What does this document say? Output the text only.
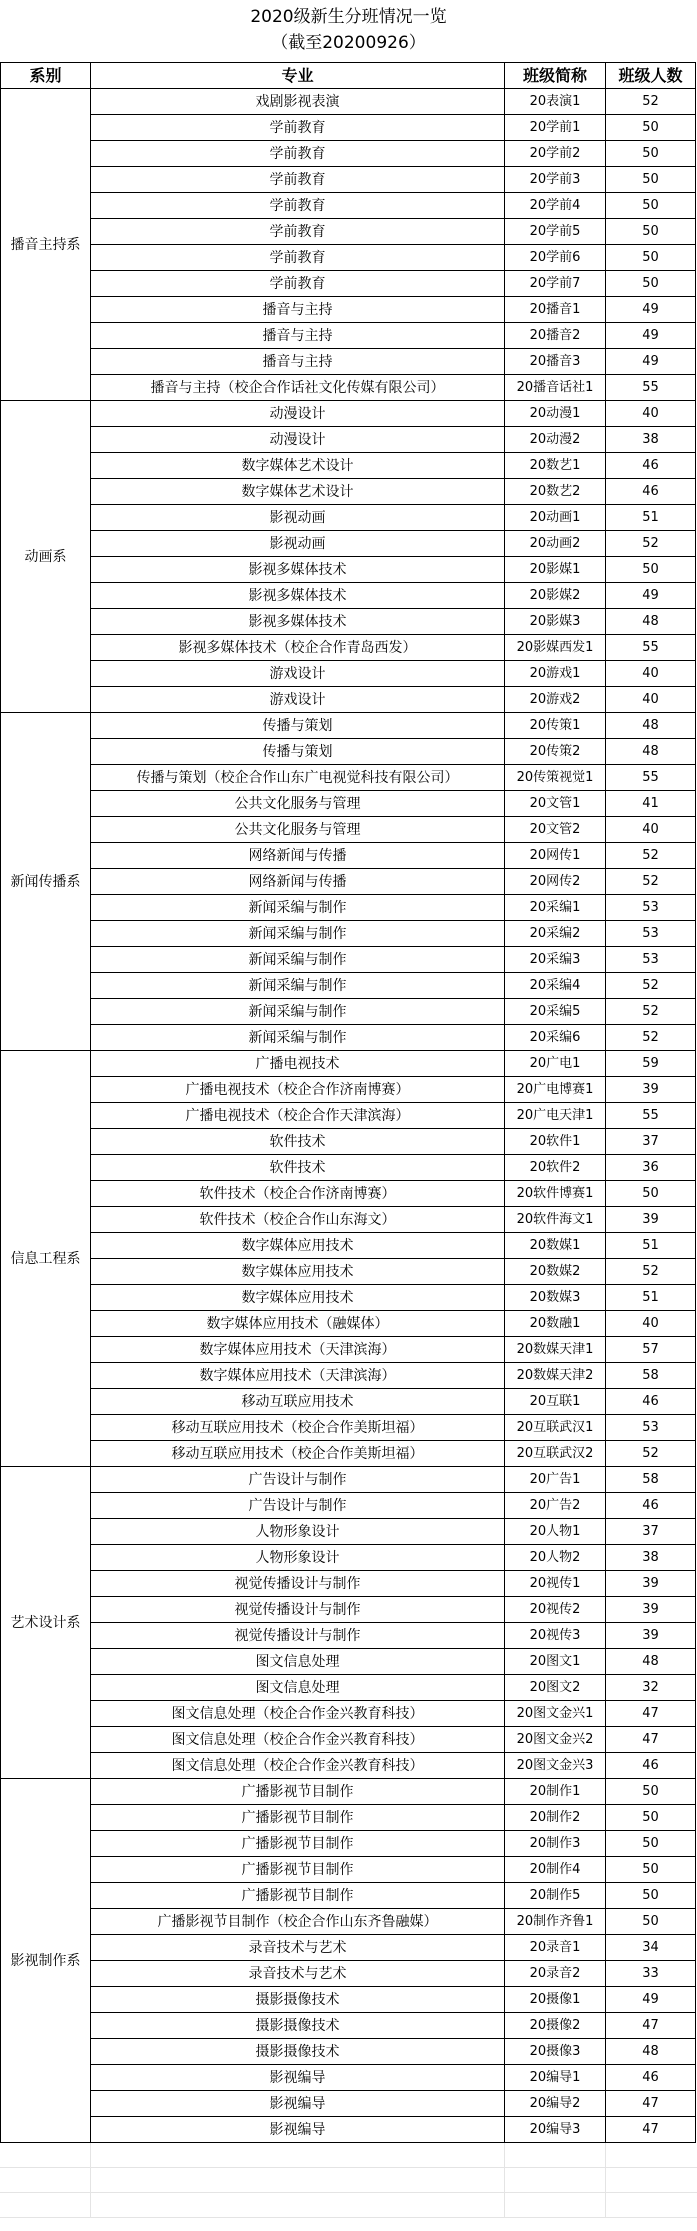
2020级新生分班情况一览
（截至20200926）
系别	专业	班级简称	班级人数
播音主持系	戏剧影视表演	20表演1	52
	学前教育	20学前1	50
	学前教育	20学前2	50
	学前教育	20学前3	50
	学前教育	20学前4	50
	学前教育	20学前5	50
	学前教育	20学前6	50
	学前教育	20学前7	50
	播音与主持	20播音1	49
	播音与主持	20播音2	49
	播音与主持	20播音3	49
	播音与主持（校企合作话社文化传媒有限公司）	20播音话社1	55
动画系	动漫设计	20动漫1	40
	动漫设计	20动漫2	38
	数字媒体艺术设计	20数艺1	46
	数字媒体艺术设计	20数艺2	46
	影视动画	20动画1	51
	影视动画	20动画2	52
	影视多媒体技术	20影媒1	50
	影视多媒体技术	20影媒2	49
	影视多媒体技术	20影媒3	48
	影视多媒体技术（校企合作青岛西发）	20影媒西发1	55
	游戏设计	20游戏1	40
	游戏设计	20游戏2	40
新闻传播系	传播与策划	20传策1	48
	传播与策划	20传策2	48
	传播与策划（校企合作山东广电视觉科技有限公司）	20传策视觉1	55
	公共文化服务与管理	20文管1	41
	公共文化服务与管理	20文管2	40
	网络新闻与传播	20网传1	52
	网络新闻与传播	20网传2	52
	新闻采编与制作	20采编1	53
	新闻采编与制作	20采编2	53
	新闻采编与制作	20采编3	53
	新闻采编与制作	20采编4	52
	新闻采编与制作	20采编5	52
	新闻采编与制作	20采编6	52
信息工程系	广播电视技术	20广电1	59
	广播电视技术（校企合作济南博赛）	20广电博赛1	39
	广播电视技术（校企合作天津滨海）	20广电天津1	55
	软件技术	20软件1	37
	软件技术	20软件2	36
	软件技术（校企合作济南博赛）	20软件博赛1	50
	软件技术（校企合作山东海文）	20软件海文1	39
	数字媒体应用技术	20数媒1	51
	数字媒体应用技术	20数媒2	52
	数字媒体应用技术	20数媒3	51
	数字媒体应用技术（融媒体）	20数融1	40
	数字媒体应用技术（天津滨海）	20数媒天津1	57
	数字媒体应用技术（天津滨海）	20数媒天津2	58
	移动互联应用技术	20互联1	46
	移动互联应用技术（校企合作美斯坦福）	20互联武汉1	53
	移动互联应用技术（校企合作美斯坦福）	20互联武汉2	52
艺术设计系	广告设计与制作	20广告1	58
	广告设计与制作	20广告2	46
	人物形象设计	20人物1	37
	人物形象设计	20人物2	38
	视觉传播设计与制作	20视传1	39
	视觉传播设计与制作	20视传2	39
	视觉传播设计与制作	20视传3	39
	图文信息处理	20图文1	48
	图文信息处理	20图文2	32
	图文信息处理（校企合作金兴教育科技）	20图文金兴1	47
	图文信息处理（校企合作金兴教育科技）	20图文金兴2	47
	图文信息处理（校企合作金兴教育科技）	20图文金兴3	46
影视制作系	广播影视节目制作	20制作1	50
	广播影视节目制作	20制作2	50
	广播影视节目制作	20制作3	50
	广播影视节目制作	20制作4	50
	广播影视节目制作	20制作5	50
	广播影视节目制作（校企合作山东齐鲁融媒）	20制作齐鲁1	50
	录音技术与艺术	20录音1	34
	录音技术与艺术	20录音2	33
	摄影摄像技术	20摄像1	49
	摄影摄像技术	20摄像2	47
	摄影摄像技术	20摄像3	48
	影视编导	20编导1	46
	影视编导	20编导2	47
	影视编导	20编导3	47
